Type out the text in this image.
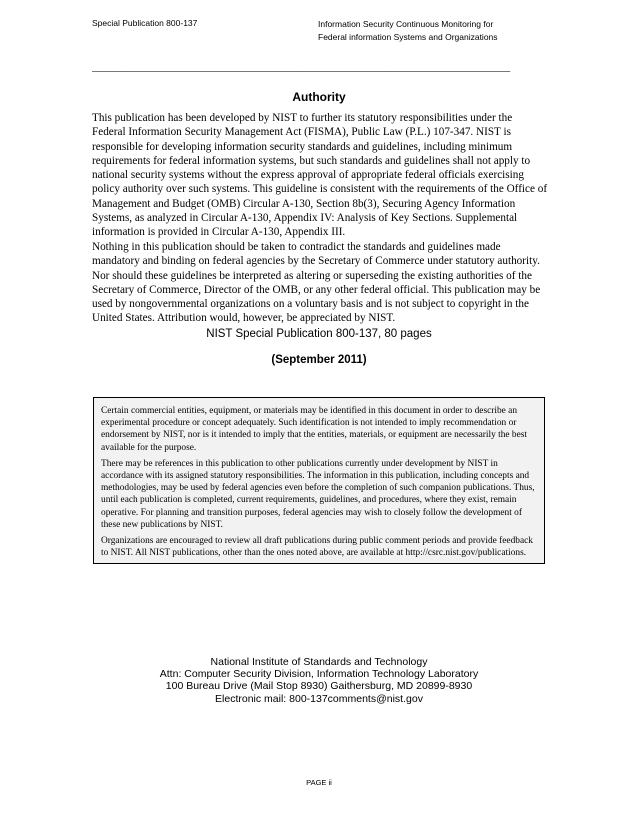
Special Publication 800-137	Information Security Continuous Monitoring for
Federal information Systems and Organizations
______________________________________________________________________________________________
Authority
This publication has been developed by NIST to further its statutory responsibilities under the Federal Information Security Management Act (FISMA), Public Law (P.L.) 107-347. NIST is responsible for developing information security standards and guidelines, including minimum requirements for federal information systems, but such standards and guidelines shall not apply to national security systems without the express approval of appropriate federal officials exercising policy authority over such systems. This guideline is consistent with the requirements of the Office of Management and Budget (OMB) Circular A-130, Section 8b(3), Securing Agency Information Systems, as analyzed in Circular A-130, Appendix IV: Analysis of Key Sections. Supplemental information is provided in Circular A-130, Appendix III.
Nothing in this publication should be taken to contradict the standards and guidelines made mandatory and binding on federal agencies by the Secretary of Commerce under statutory authority. Nor should these guidelines be interpreted as altering or superseding the existing authorities of the Secretary of Commerce, Director of the OMB, or any other federal official. This publication may be used by nongovernmental organizations on a voluntary basis and is not subject to copyright in the United States. Attribution would, however, be appreciated by NIST.
NIST Special Publication 800-137, 80 pages
(September 2011)

Certain commercial entities, equipment, or materials may be identified in this document in order to describe an experimental procedure or concept adequately. Such identification is not intended to imply recommendation or endorsement by NIST, nor is it intended to imply that the entities, materials, or equipment are necessarily the best available for the purpose.

There may be references in this publication to other publications currently under development by NIST in accordance with its assigned statutory responsibilities. The information in this publication, including concepts and methodologies, may be used by federal agencies even before the completion of such companion publications. Thus, until each publication is completed, current requirements, guidelines, and procedures, where they exist, remain operative. For planning and transition purposes, federal agencies may wish to closely follow the development of these new publications by NIST.

Organizations are encouraged to review all draft publications during public comment periods and provide feedback to NIST. All NIST publications, other than the ones noted above, are available at http://csrc.nist.gov/publications.

National Institute of Standards and Technology
Attn: Computer Security Division, Information Technology Laboratory
100 Bureau Drive (Mail Stop 8930) Gaithersburg, MD 20899-8930
Electronic mail: 800-137comments@nist.gov
PAGE ii
